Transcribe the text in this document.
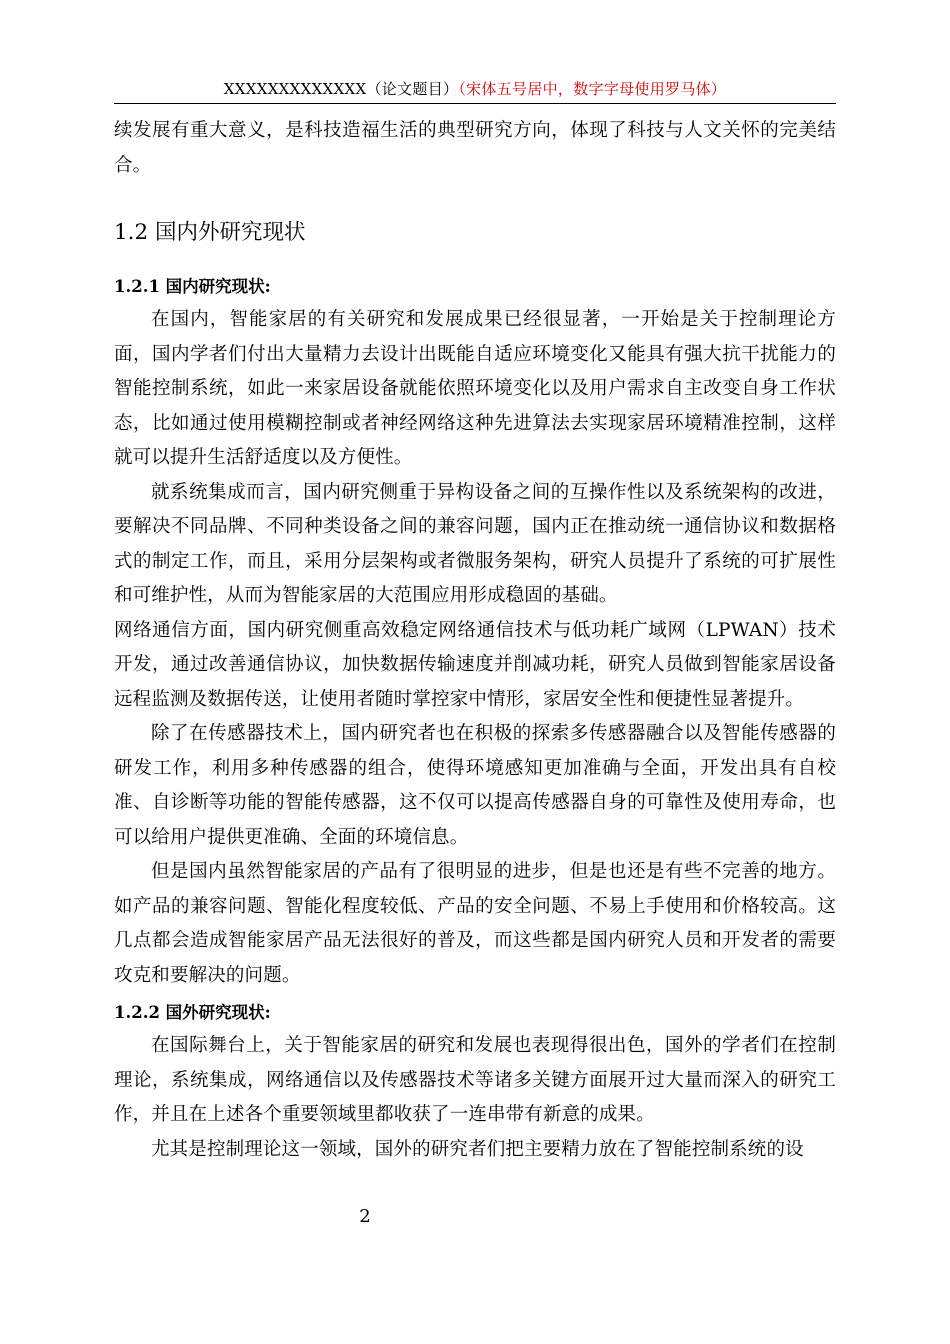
XXXXXXXXXXXXX（论文题目）（宋体五号居中，数字字母使用罗马体）

续发展有重大意义，是科技造福生活的典型研究方向，体现了科技与人文关怀的完美结合。

1.2 国内外研究现状
1.2.1 国内研究现状:

在国内，智能家居的有关研究和发展成果已经很显著，一开始是关于控制理论方面，国内学者们付出大量精力去设计出既能自适应环境变化又能具有强大抗干扰能力的智能控制系统，如此一来家居设备就能依照环境变化以及用户需求自主改变自身工作状态，比如通过使用模糊控制或者神经网络这种先进算法去实现家居环境精准控制，这样就可以提升生活舒适度以及方便性。

就系统集成而言，国内研究侧重于异构设备之间的互操作性以及系统架构的改进，要解决不同品牌、不同种类设备之间的兼容问题，国内正在推动统一通信协议和数据格式的制定工作，而且，采用分层架构或者微服务架构，研究人员提升了系统的可扩展性和可维护性，从而为智能家居的大范围应用形成稳固的基础。

网络通信方面，国内研究侧重高效稳定网络通信技术与低功耗广域网（LPWAN）技术开发，通过改善通信协议，加快数据传输速度并削减功耗，研究人员做到智能家居设备远程监测及数据传送，让使用者随时掌控家中情形，家居安全性和便捷性显著提升。

除了在传感器技术上，国内研究者也在积极的探索多传感器融合以及智能传感器的研发工作，利用多种传感器的组合，使得环境感知更加准确与全面，开发出具有自校准、自诊断等功能的智能传感器，这不仅可以提高传感器自身的可靠性及使用寿命，也可以给用户提供更准确、全面的环境信息。

但是国内虽然智能家居的产品有了很明显的进步，但是也还是有些不完善的地方。如产品的兼容问题、智能化程度较低、产品的安全问题、不易上手使用和价格较高。这几点都会造成智能家居产品无法很好的普及，而这些都是国内研究人员和开发者的需要攻克和要解决的问题。

1.2.2 国外研究现状:

在国际舞台上，关于智能家居的研究和发展也表现得很出色，国外的学者们在控制理论，系统集成，网络通信以及传感器技术等诸多关键方面展开过大量而深入的研究工作，并且在上述各个重要领域里都收获了一连串带有新意的成果。

尤其是控制理论这一领域，国外的研究者们把主要精力放在了智能控制系统的设

2
